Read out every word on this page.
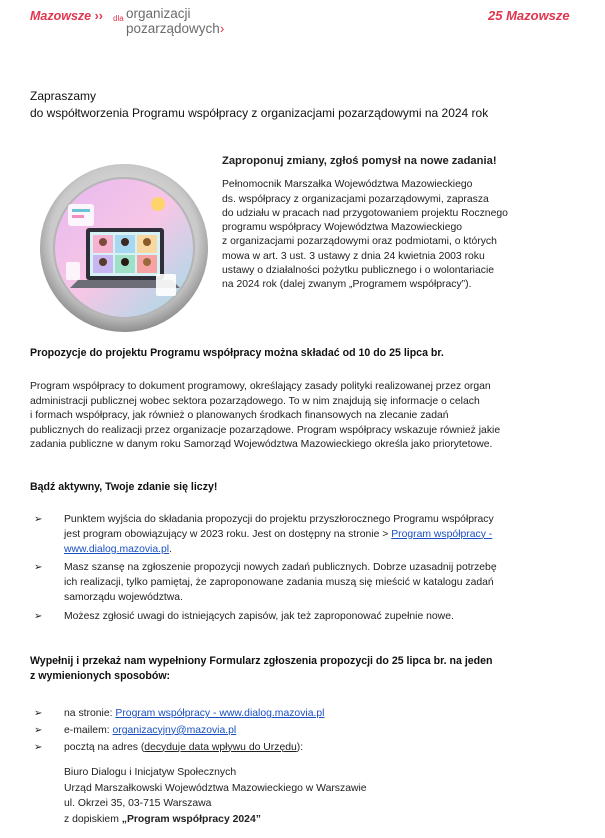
Mazowsze ›› dla organizacji
pozarządowych›
25 Mazowsze
Zapraszamy
do współtworzenia Programu współpracy z organizacjami pozarządowymi na 2024 rok
Zaproponuj zmiany, zgłoś pomysł na nowe zadania!
Pełnomocnik Marszałka Województwa Mazowieckiego
ds. współpracy z organizacjami pozarządowymi, zaprasza
do udziału w pracach nad przygotowaniem projektu Rocznego
programu współpracy Województwa Mazowieckiego
z organizacjami pozarządowymi oraz podmiotami, o których
mowa w art. 3 ust. 3 ustawy z dnia 24 kwietnia 2003 roku
ustawy o działalności pożytku publicznego i o wolontariacie
na 2024 rok (dalej zwanym „Programem współpracy”).
Propozycje do projektu Programu współpracy można składać od 10 do 25 lipca br.
Program współpracy to dokument programowy, określający zasady polityki realizowanej przez organ
administracji publicznej wobec sektora pozarządowego. To w nim znajdują się informacje o celach
i formach współpracy, jak również o planowanych środkach finansowych na zlecanie zadań
publicznych do realizacji przez organizacje pozarządowe. Program współpracy wskazuje również jakie
zadania publiczne w danym roku Samorząd Województwa Mazowieckiego określa jako priorytetowe.
Bądź aktywny, Twoje zdanie się liczy!
➢ Punktem wyjścia do składania propozycji do projektu przyszłorocznego Programu współpracy
jest program obowiązujący w 2023 roku. Jest on dostępny na stronie > Program współpracy -
www.dialog.mazovia.pl.
➢ Masz szansę na zgłoszenie propozycji nowych zadań publicznych. Dobrze uzasadnij potrzebę
ich realizacji, tylko pamiętaj, że zaproponowane zadania muszą się mieścić w katalogu zadań
samorządu województwa.
➢ Możesz zgłosić uwagi do istniejących zapisów, jak też zaproponować zupełnie nowe.
Wypełnij i przekaż nam wypełniony Formularz zgłoszenia propozycji do 25 lipca br. na jeden
z wymienionych sposobów:
➢ na stronie: Program współpracy - www.dialog.mazovia.pl
➢ e-mailem: organizacyjny@mazovia.pl
➢ pocztą na adres (decyduje data wpływu do Urzędu):
Biuro Dialogu i Inicjatyw Społecznych
Urząd Marszałkowski Województwa Mazowieckiego w Warszawie
ul. Okrzei 35, 03-715 Warszawa
z dopiskiem „Program współpracy 2024”
